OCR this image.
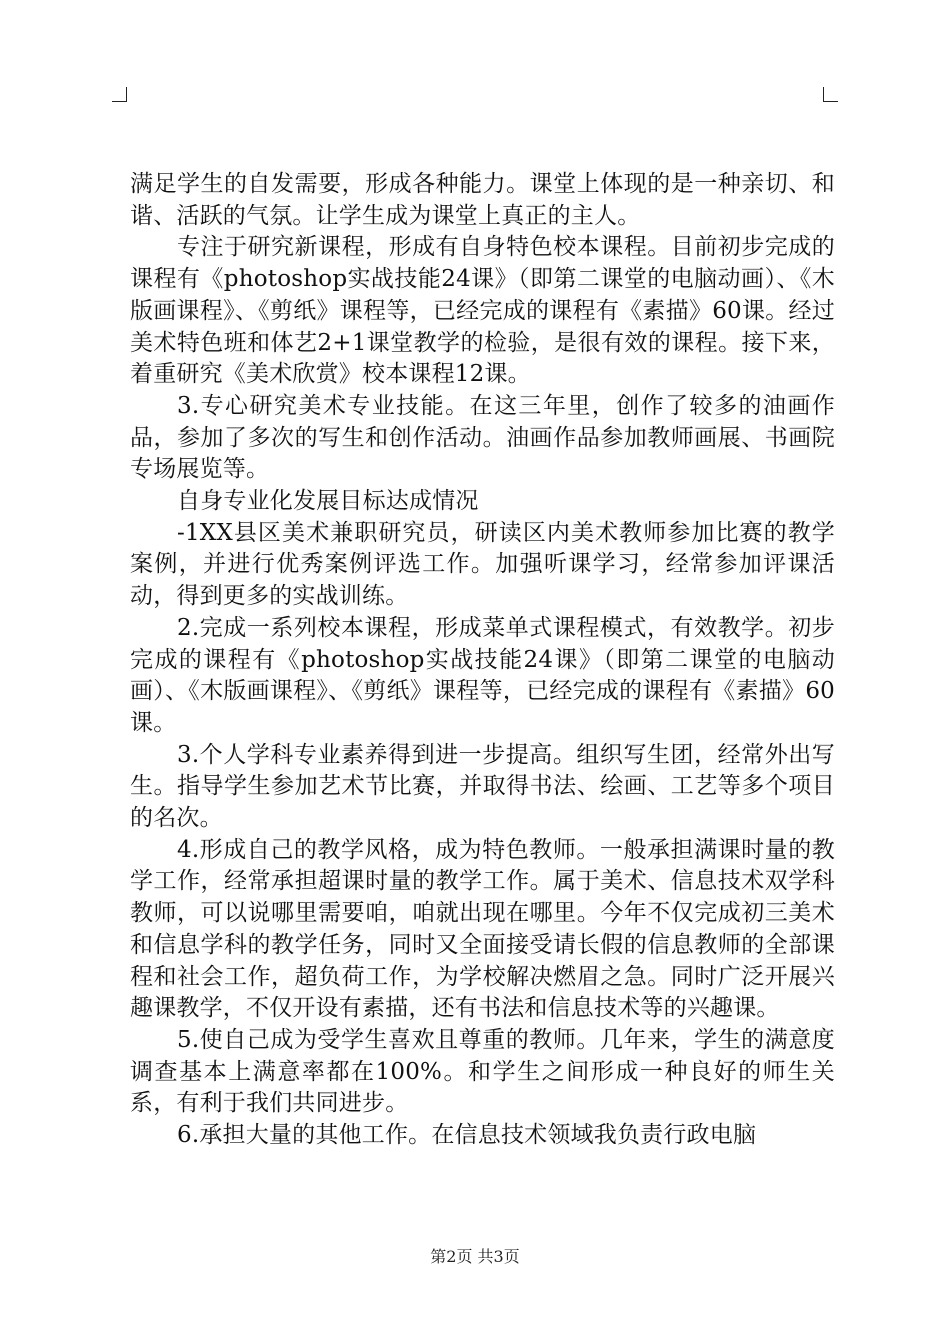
满足学生的自发需要，形成各种能力。课堂上体现的是一种亲切、和谐、活跃的气氛。让学生成为课堂上真正的主人。

专注于研究新课程，形成有自身特色校本课程。目前初步完成的课程有《photoshop实战技能24课》（即第二课堂的电脑动画）、《木版画课程》、《剪纸》课程等，已经完成的课程有《素描》60课。经过美术特色班和体艺2+1课堂教学的检验，是很有效的课程。接下来，着重研究《美术欣赏》校本课程12课。

3.专心研究美术专业技能。在这三年里，创作了较多的油画作品，参加了多次的写生和创作活动。油画作品参加教师画展、书画院专场展览等。

自身专业化发展目标达成情况

-1XX县区美术兼职研究员，研读区内美术教师参加比赛的教学案例，并进行优秀案例评选工作。加强听课学习，经常参加评课活动，得到更多的实战训练。

2.完成一系列校本课程，形成菜单式课程模式，有效教学。初步完成的课程有《photoshop实战技能24课》（即第二课堂的电脑动画）、《木版画课程》、《剪纸》课程等，已经完成的课程有《素描》60课。

3.个人学科专业素养得到进一步提高。组织写生团，经常外出写生。指导学生参加艺术节比赛，并取得书法、绘画、工艺等多个项目的名次。

4.形成自己的教学风格，成为特色教师。一般承担满课时量的教学工作，经常承担超课时量的教学工作。属于美术、信息技术双学科教师，可以说哪里需要咱，咱就出现在哪里。今年不仅完成初三美术和信息学科的教学任务，同时又全面接受请长假的信息教师的全部课程和社会工作，超负荷工作，为学校解决燃眉之急。同时广泛开展兴趣课教学，不仅开设有素描，还有书法和信息技术等的兴趣课。

5.使自己成为受学生喜欢且尊重的教师。几年来，学生的满意度调查基本上满意率都在100%。和学生之间形成一种良好的师生关系，有利于我们共同进步。

6.承担大量的其他工作。在信息技术领域我负责行政电脑

第2页 共3页
